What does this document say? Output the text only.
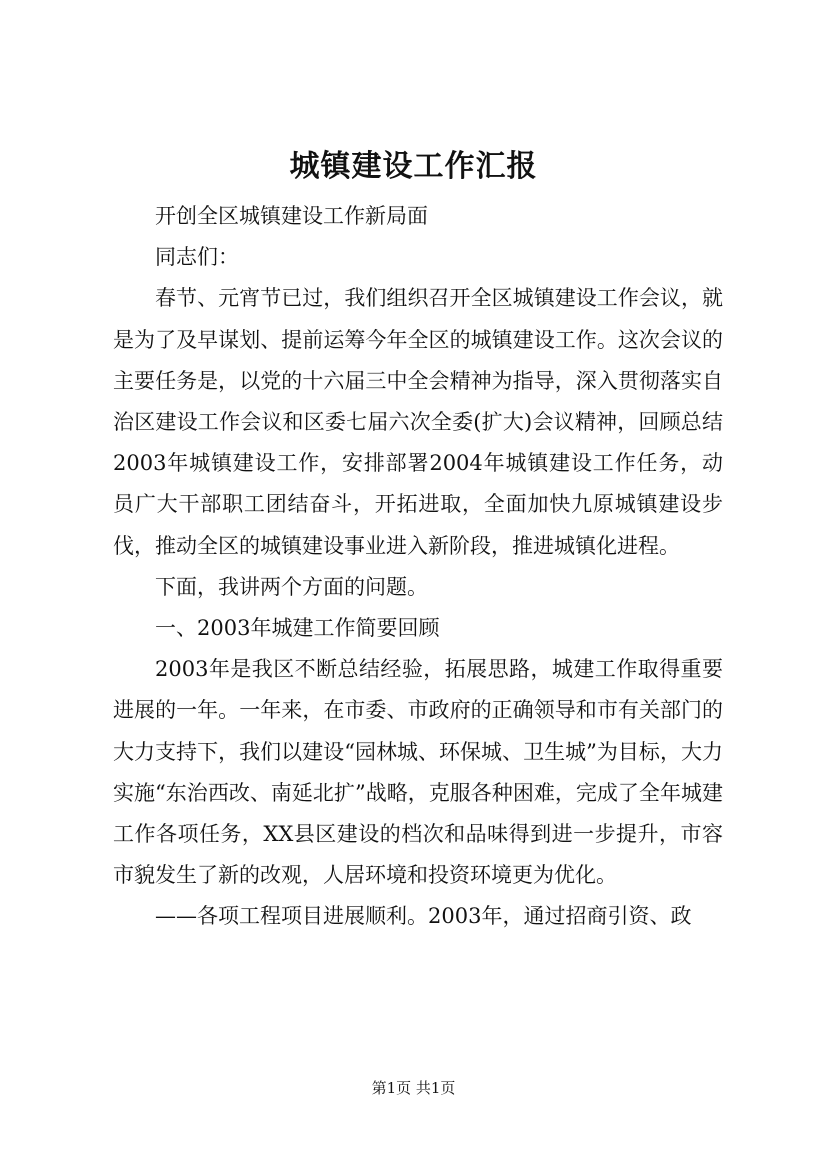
城镇建设工作汇报

开创全区城镇建设工作新局面

同志们：

春节、元宵节已过，我们组织召开全区城镇建设工作会议，就是为了及早谋划、提前运筹今年全区的城镇建设工作。这次会议的主要任务是，以党的十六届三中全会精神为指导，深入贯彻落实自治区建设工作会议和区委七届六次全委(扩大)会议精神，回顾总结2003年城镇建设工作，安排部署2004年城镇建设工作任务，动员广大干部职工团结奋斗，开拓进取，全面加快九原城镇建设步伐，推动全区的城镇建设事业进入新阶段，推进城镇化进程。

下面，我讲两个方面的问题。

一、2003年城建工作简要回顾

2003年是我区不断总结经验，拓展思路，城建工作取得重要进展的一年。一年来，在市委、市政府的正确领导和市有关部门的大力支持下，我们以建设“园林城、环保城、卫生城”为目标，大力实施“东治西改、南延北扩”战略，克服各种困难，完成了全年城建工作各项任务，XX县区建设的档次和品味得到进一步提升，市容市貌发生了新的改观，人居环境和投资环境更为优化。

——各项工程项目进展顺利。2003年，通过招商引资、政

第1页 共1页
